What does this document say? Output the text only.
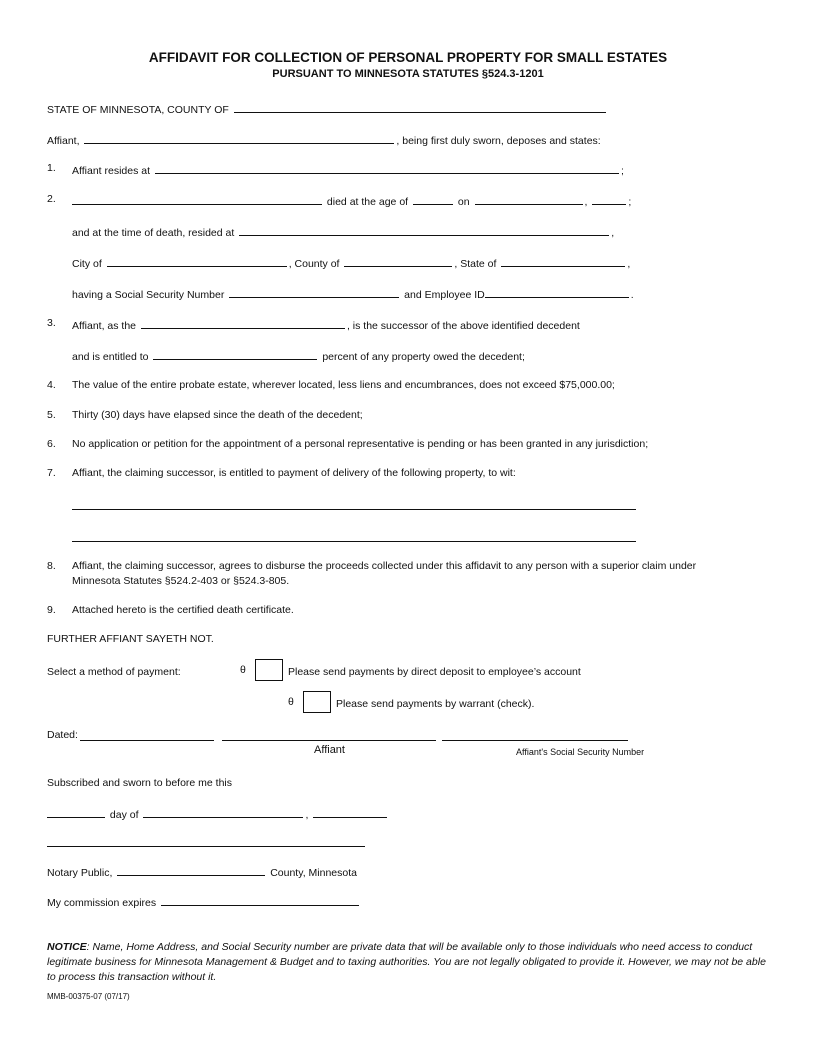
AFFIDAVIT FOR COLLECTION OF PERSONAL PROPERTY FOR SMALL ESTATES
PURSUANT TO MINNESOTA STATUTES §524.3-1201
STATE OF MINNESOTA, COUNTY OF
Affiant,	, being first duly sworn, deposes and states:
1. Affiant resides at	;
2.	died at the age of	on	,	;
and at the time of death, resided at	,
City of	, County of	, State of	,
having a Social Security Number	and Employee ID	.
3. Affiant, as the	, is the successor of the above identified decedent
and is entitled to	percent of any property owed the decedent;
4. The value of the entire probate estate, wherever located, less liens and encumbrances, does not exceed $75,000.00;
5. Thirty (30) days have elapsed since the death of the decedent;
6. No application or petition for the appointment of a personal representative is pending or has been granted in any jurisdiction;
7. Affiant, the claiming successor, is entitled to payment of delivery of the following property, to wit:
8. Affiant, the claiming successor, agrees to disburse the proceeds collected under this affidavit to any person with a superior claim under
Minnesota Statutes §524.2-403 or §524.3-805.
9. Attached hereto is the certified death certificate.
FURTHER AFFIANT SAYETH NOT.
Select a method of payment:	θ	Please send payments by direct deposit to employee’s account
θ	Please send payments by warrant (check).
Dated:
Affiant	Affiant's Social Security Number
Subscribed and sworn to before me this
day of	,
Notary Public,	County, Minnesota
My commission expires
NOTICE: Name, Home Address, and Social Security number are private data that will be available only to those individuals who need access to conduct legitimate business for Minnesota Management & Budget and to taxing authorities. You are not legally obligated to provide it. However, we may not be able to process this transaction without it.
MMB-00375-07 (07/17)
